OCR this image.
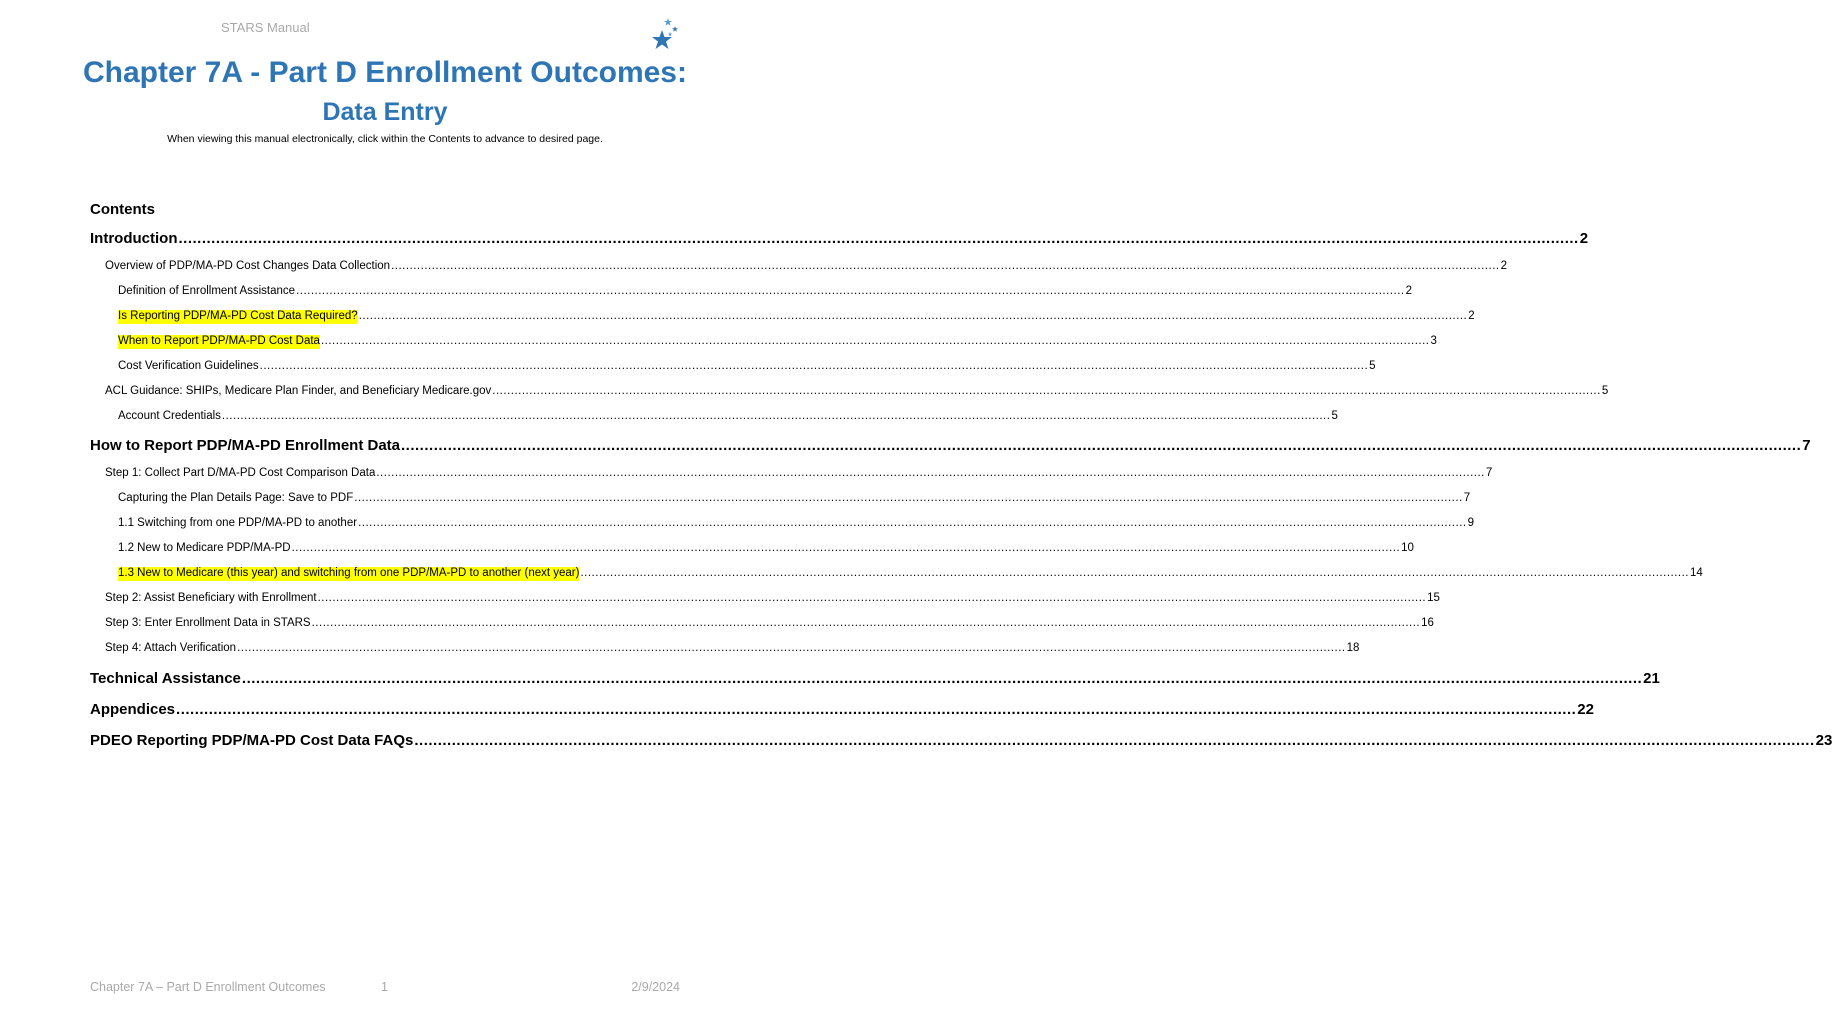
STARS Manual
Chapter 7A - Part D Enrollment Outcomes:
Data Entry
When viewing this manual electronically, click within the Contents to advance to desired page.
Contents
Introduction ............................................................................................................................................................................................................................................................................................................ 2
Overview of PDP/MA-PD Cost Changes Data Collection ............................................................................................................................................................................................................................................................................................................ 2
Definition of Enrollment Assistance ............................................................................................................................................................................................................................................................................................................ 2
Is Reporting PDP/MA-PD Cost Data Required? ............................................................................................................................................................................................................................................................................................................ 2
When to Report PDP/MA-PD Cost Data ............................................................................................................................................................................................................................................................................................................ 3
Cost Verification Guidelines ............................................................................................................................................................................................................................................................................................................ 5
ACL Guidance: SHIPs, Medicare Plan Finder, and Beneficiary Medicare.gov ............................................................................................................................................................................................................................................................................................................ 5
Account Credentials ............................................................................................................................................................................................................................................................................................................ 5
How to Report PDP/MA-PD Enrollment Data ............................................................................................................................................................................................................................................................................................................ 7
Step 1: Collect Part D/MA-PD Cost Comparison Data ............................................................................................................................................................................................................................................................................................................ 7
Capturing the Plan Details Page: Save to PDF ............................................................................................................................................................................................................................................................................................................ 7
1.1 Switching from one PDP/MA-PD to another ............................................................................................................................................................................................................................................................................................................ 9
1.2 New to Medicare PDP/MA-PD ............................................................................................................................................................................................................................................................................................................ 10
1.3 New to Medicare (this year) and switching from one PDP/MA-PD to another (next year) ............................................................................................................................................................................................................................................................................................................ 14
Step 2: Assist Beneficiary with Enrollment ............................................................................................................................................................................................................................................................................................................ 15
Step 3: Enter Enrollment Data in STARS ............................................................................................................................................................................................................................................................................................................ 16
Step 4: Attach Verification ............................................................................................................................................................................................................................................................................................................ 18
Technical Assistance ............................................................................................................................................................................................................................................................................................................ 21
Appendices ............................................................................................................................................................................................................................................................................................................ 22
PDEO Reporting PDP/MA-PD Cost Data FAQs ............................................................................................................................................................................................................................................................................................................ 23
Chapter 7A – Part D Enrollment Outcomes	1	2/9/2024
